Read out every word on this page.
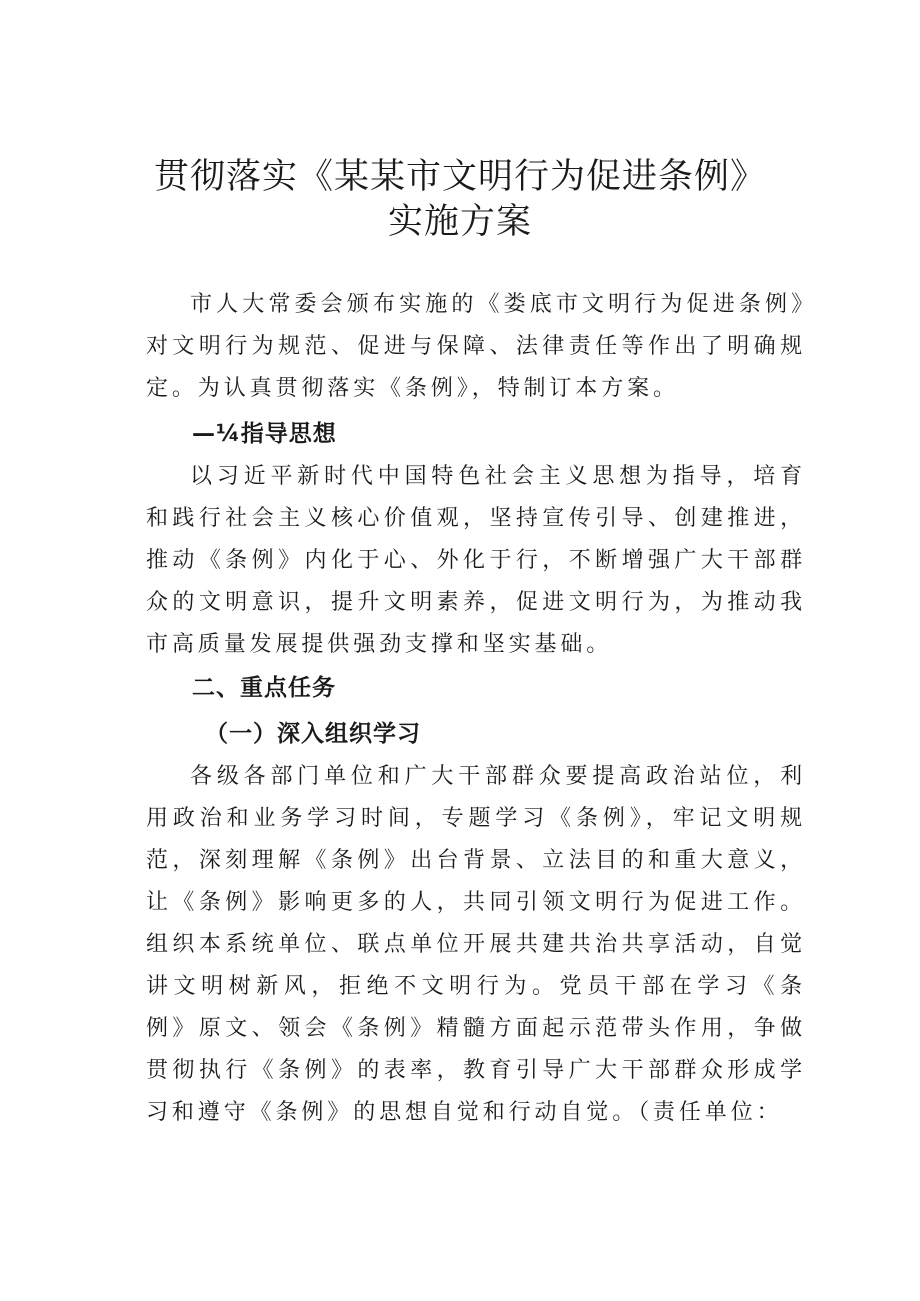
贯彻落实《某某市文明行为促进条例》
实施方案

市人大常委会颁布实施的《娄底市文明行为促进条例》对文明行为规范、促进与保障、法律责任等作出了明确规定。为认真贯彻落实《条例》，特制订本方案。

—¼指导思想

以习近平新时代中国特色社会主义思想为指导，培育和践行社会主义核心价值观，坚持宣传引导、创建推进，推动《条例》内化于心、外化于行，不断增强广大干部群众的文明意识，提升文明素养，促进文明行为，为推动我市高质量发展提供强劲支撑和坚实基础。

二、重点任务
（一）深入组织学习

各级各部门单位和广大干部群众要提高政治站位，利用政治和业务学习时间，专题学习《条例》，牢记文明规范，深刻理解《条例》出台背景、立法目的和重大意义，让《条例》影响更多的人，共同引领文明行为促进工作。组织本系统单位、联点单位开展共建共治共享活动，自觉讲文明树新风，拒绝不文明行为。党员干部在学习《条例》原文、领会《条例》精髓方面起示范带头作用，争做贯彻执行《条例》的表率，教育引导广大干部群众形成学习和遵守《条例》的思想自觉和行动自觉。（责任单位：
